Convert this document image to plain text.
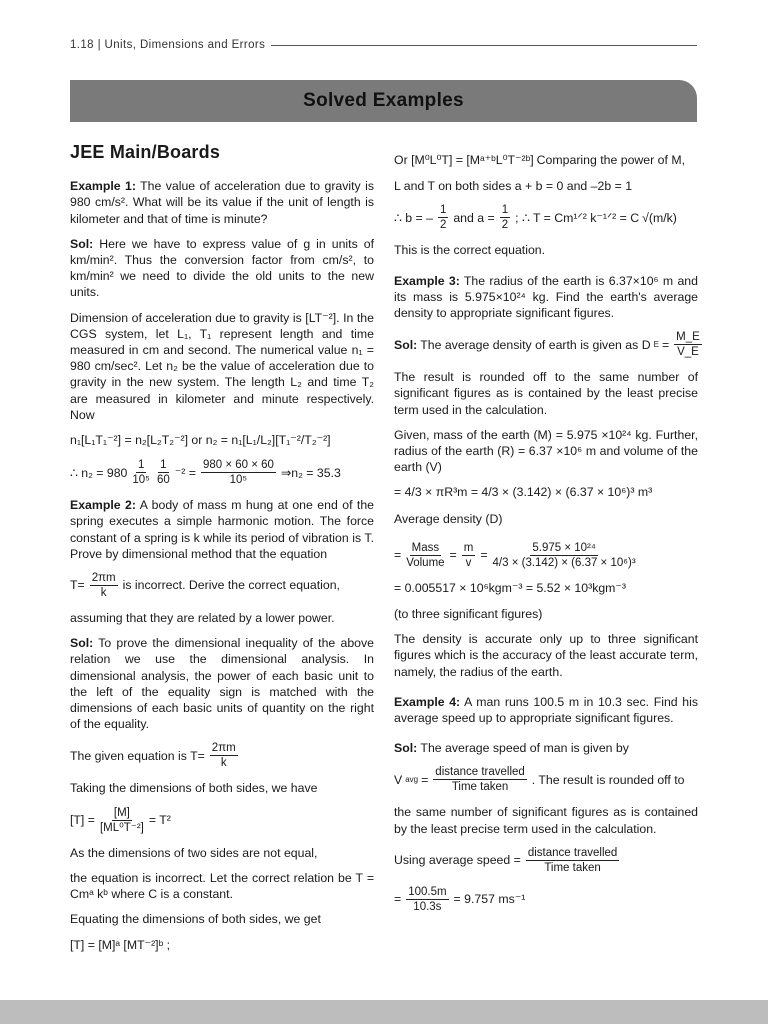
1.18 | Units, Dimensions and Errors
Solved Examples
JEE Main/Boards

Example 1: The value of acceleration due to gravity is 980 cm/s². What will be its value if the unit of length is kilometer and that of time is minute?

Sol: Here we have to express value of g in units of km/min². Thus the conversion factor from cm/s², to km/min² we need to divide the old units to the new units.

Dimension of acceleration due to gravity is [LT⁻²]. In the CGS system, let L₁, T₁ represent length and time measured in cm and second. The numerical value n₁ = 980 cm/sec². Let n₂ be the value of acceleration due to gravity in the new system. The length L₂ and time T₂ are measured in kilometer and minute respectively. Now

n₁[L₁T₁⁻²] = n₂[L₂T₂⁻²] or n₂ = n₁[L₁/L₂][T₁⁻²/T₂⁻²]
∴ $n_2 = 980 \frac{1}{\text{10⁵}} \frac{1}{60} ^{-2} = \frac{980 \times 60 \times 60}{\text{10⁵}}$ ⇒n₂ = 35.3

Example 2: A body of mass m hung at one end of the spring executes a simple harmonic motion. The force constant of a spring is k while its period of vibration is T. Prove by dimensional method that the equation

$T= \frac{2\pi m}{k}$ is incorrect. Derive the correct equation,

assuming that they are related by a lower power.

Sol: To prove the dimensional inequality of the above relation we use the dimensional analysis. In dimensional analysis, the power of each basic unit to the left of the equality sign is matched with the dimensions of each basic units of quantity on the right of the equality.

The given equation is $T= \frac{2\pi m}{k}$

Taking the dimensions of both sides, we have

$[T] = \frac{[M]}{\text{[ML⁰T⁻²]}} = T^2$

As the dimensions of two sides are not equal,

the equation is incorrect. Let the correct relation be T = Cmᵃ kᵇ where C is a constant.

Equating the dimensions of both sides, we get

[T] = [M]ᵃ [MT⁻²]ᵇ ;
Or [M⁰L⁰T] = [Mᵃ⁺ᵇL⁰T⁻²ᵇ] Comparing the power of M,

L and T on both sides a + b = 0 and –2b = 1

∴ b = – $\frac{1}{2}$ and $a = \frac{1}{2}$ ; ∴ T = Cm¹ᐟ² k⁻¹ᐟ² = C √(m/k)

This is the correct equation.

Example 3: The radius of the earth is 6.37×10⁶ m and its mass is 5.975×10²⁴ kg. Find the earth's average density to appropriate significant figures.

Sol: The average density of earth is given as D $E = \frac{M\_E}{V\_E}$

The result is rounded off to the same number of significant figures as is contained by the least precise term used in the calculation.

Given, mass of the earth (M) = 5.975 ×10²⁴ kg. Further, radius of the earth (R) = 6.37 ×10⁶ m and volume of the earth (V)

= 4/3 × πR³m = 4/3 × (3.142) × (6.37 × 10⁶)³ m³

Average density (D)

=
Mass
Volume
= $\frac{m}{v} = \frac{\text{5.975 × 10²⁴}}{\text{4/3 × (3.142) × (6.37 × 10⁶)³}}$
= 0.005517 × 10⁶kgm⁻³ = 5.52 × 10³kgm⁻³

(to three significant figures)

The density is accurate only up to three significant figures which is the accuracy of the least accurate term, namely, the radius of the earth.

Example 4: A man runs 100.5 m in 10.3 sec. Find his average speed up to appropriate significant figures.

Sol: The average speed of man is given by

V avg =
distance travelled
Time taken
. The result is rounded off to

the same number of significant figures as is contained by the least precise term used in the calculation.

Using average speed =
distance travelled
Time taken
= $\frac{100.5m}{10.3s} = 9.757$ ms⁻¹
